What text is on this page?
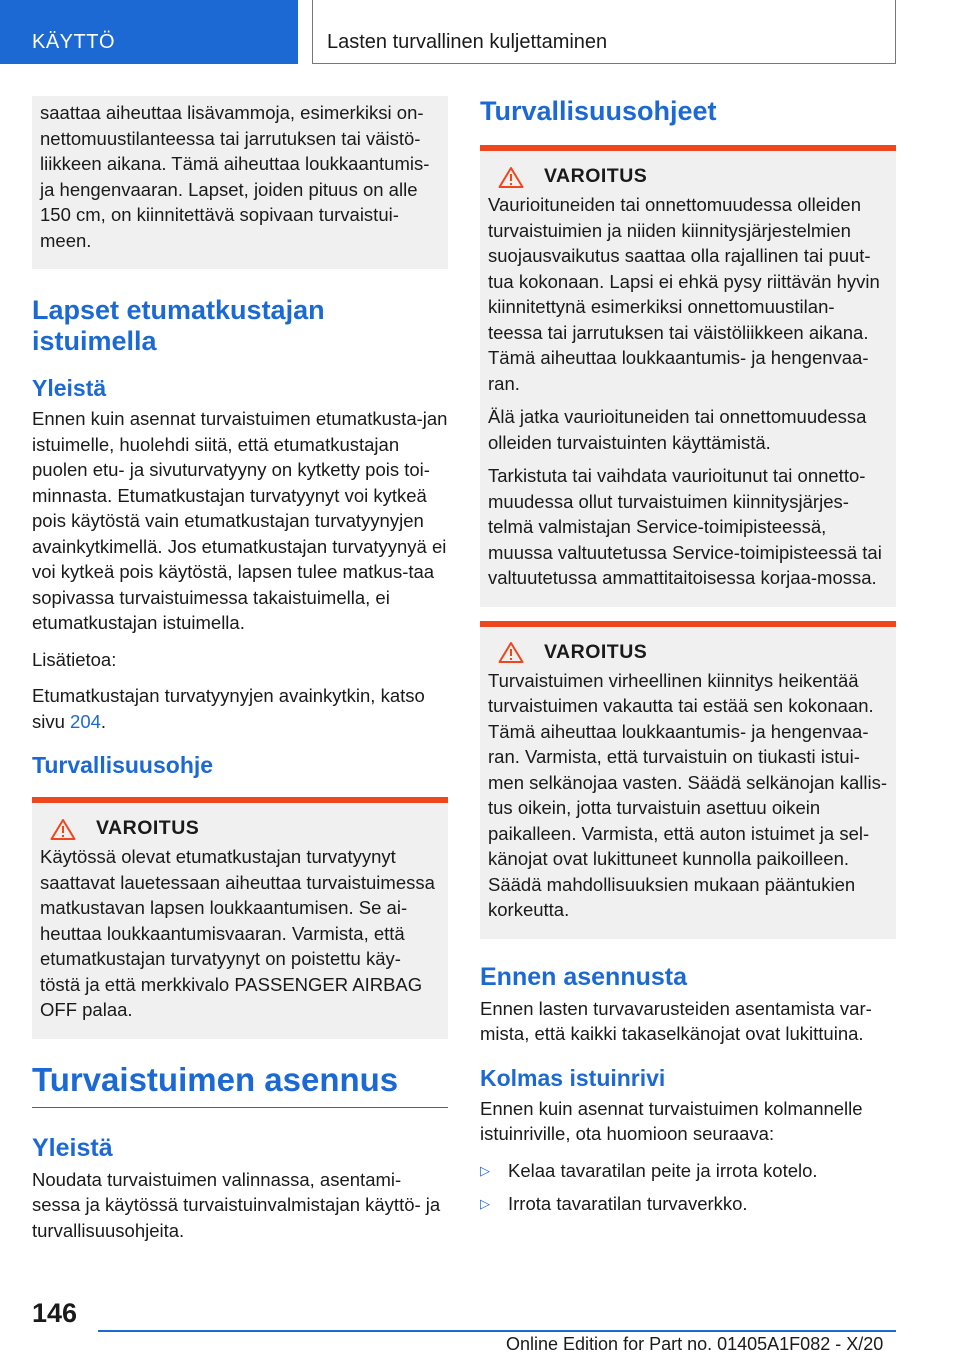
KÄYTTÖ	Lasten turvallinen kuljettaminen

saattaa aiheuttaa lisävammoja, esimerkiksi on-nettomuustilanteessa tai jarrutuksen tai väistö-liikkeen aikana. Tämä aiheuttaa loukkaantumis-ja hengenvaaran. Lapset, joiden pituus on alle 150 cm, on kiinnitettävä sopivaan turvaistui-meen.

Lapset etumatkustajan istuimella
Yleistä

Ennen kuin asennat turvaistuimen etumatkusta-jan istuimelle, huolehdi siitä, että etumatkustajan puolen etu- ja sivuturvatyyny on kytketty pois toi-minnasta. Etumatkustajan turvatyynyt voi kytkeä pois käytöstä vain etumatkustajan turvatyynyjen avainkytkimellä. Jos etumatkustajan turvatyynyä ei voi kytkeä pois käytöstä, lapsen tulee matkus-taa sopivassa turvaistuimessa takaistuimella, ei etumatkustajan istuimella.

Lisätietoa:

Etumatkustajan turvatyynyjen avainkytkin, katso sivu 204.

Turvallisuusohje
VAROITUS

Käytössä olevat etumatkustajan turvatyynyt saattavat lauetessaan aiheuttaa turvaistuimessa matkustavan lapsen loukkaantumisen. Se ai-heuttaa loukkaantumisvaaran. Varmista, että etumatkustajan turvatyynyt on poistettu käy-töstä ja että merkkivalo PASSENGER AIRBAG OFF palaa.

Turvaistuimen asennus
Yleistä

Noudata turvaistuimen valinnassa, asentami-sessa ja käytössä turvaistuinvalmistajan käyttö- ja turvallisuusohjeita.

Turvallisuusohjeet
VAROITUS

Vaurioituneiden tai onnettomuudessa olleiden turvaistuimien ja niiden kiinnitysjärjestelmien suojausvaikutus saattaa olla rajallinen tai puut-tua kokonaan. Lapsi ei ehkä pysy riittävän hyvin kiinnitettynä esimerkiksi onnettomuustilan-teessa tai jarrutuksen tai väistöliikkeen aikana. Tämä aiheuttaa loukkaantumis- ja hengenvaa-ran.

Älä jatka vaurioituneiden tai onnettomuudessa olleiden turvaistuinten käyttämistä.

Tarkistuta tai vaihdata vaurioitunut tai onnetto-muudessa ollut turvaistuimen kiinnitysjärjes-telmä valmistajan Service-toimipisteessä, muussa valtuutetussa Service-toimipisteessä tai valtuutetussa ammattitaitoisessa korjaa-mossa.

VAROITUS

Turvaistuimen virheellinen kiinnitys heikentää turvaistuimen vakautta tai estää sen kokonaan. Tämä aiheuttaa loukkaantumis- ja hengenvaa-ran. Varmista, että turvaistuin on tiukasti istui-men selkänojaa vasten. Säädä selkänojan kallis-tus oikein, jotta turvaistuin asettuu oikein paikalleen. Varmista, että auton istuimet ja sel-känojat ovat lukittuneet kunnolla paikoilleen. Säädä mahdollisuuksien mukaan pääntukien korkeutta.

Ennen asennusta

Ennen lasten turvavarusteiden asentamista var-mista, että kaikki takaselkänojat ovat lukittuina.

Kolmas istuinrivi

Ennen kuin asennat turvaistuimen kolmannelle istuinriville, ota huomioon seuraava:

▷ Kelaa tavaratilan peite ja irrota kotelo.
▷ Irrota tavaratilan turvaverkko.
146
Online Edition for Part no. 01405A1F082 - X/20
